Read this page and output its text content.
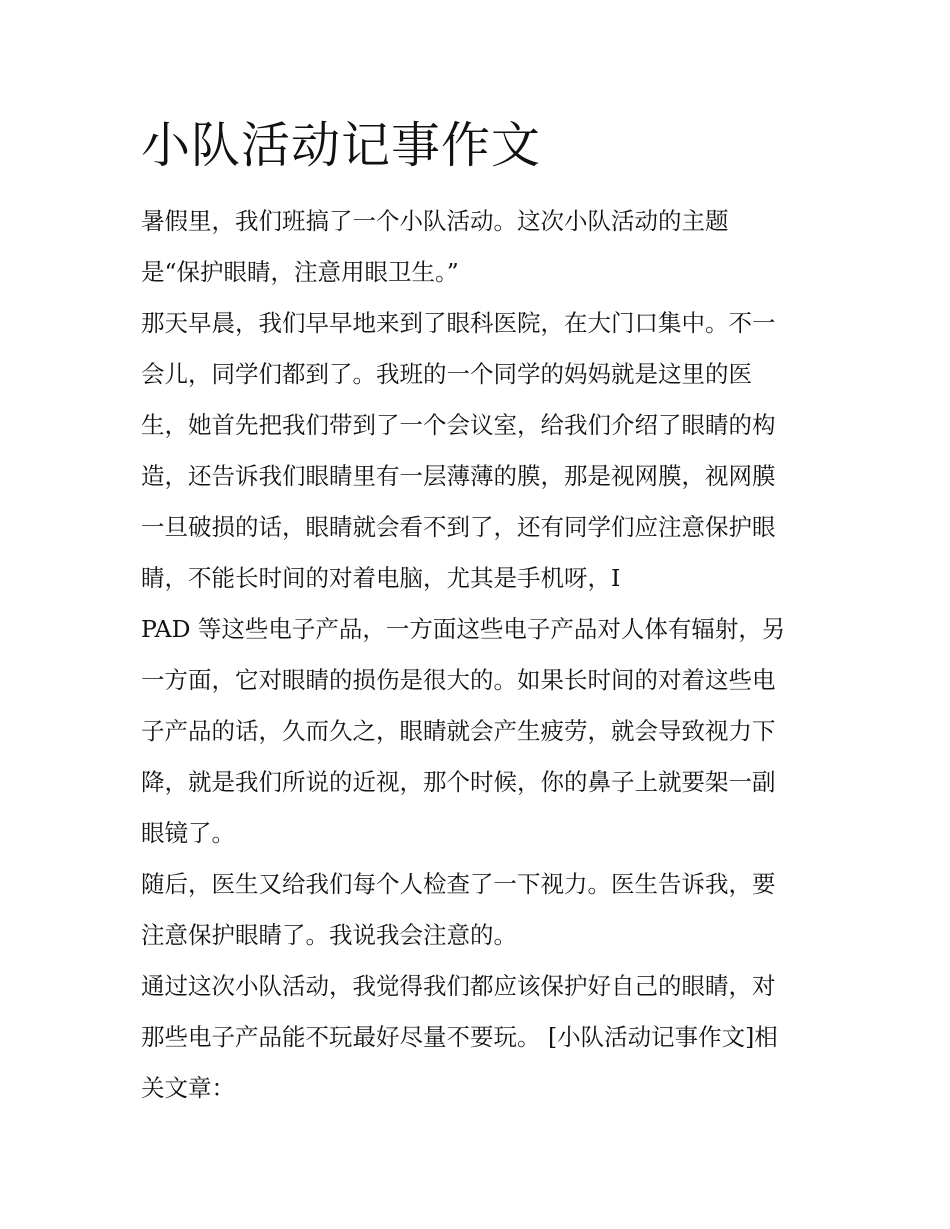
小队活动记事作文
暑假里，我们班搞了一个小队活动。这次小队活动的主题
是“保护眼睛，注意用眼卫生。”
那天早晨，我们早早地来到了眼科医院，在大门口集中。不一
会儿，同学们都到了。我班的一个同学的妈妈就是这里的医
生，她首先把我们带到了一个会议室，给我们介绍了眼睛的构
造，还告诉我们眼睛里有一层薄薄的膜，那是视网膜，视网膜
一旦破损的话，眼睛就会看不到了，还有同学们应注意保护眼
睛，不能长时间的对着电脑，尤其是手机呀，I
PAD 等这些电子产品，一方面这些电子产品对人体有辐射，另
一方面，它对眼睛的损伤是很大的。如果长时间的对着这些电
子产品的话，久而久之，眼睛就会产生疲劳，就会导致视力下
降，就是我们所说的近视，那个时候，你的鼻子上就要架一副
眼镜了。
随后，医生又给我们每个人检查了一下视力。医生告诉我，要
注意保护眼睛了。我说我会注意的。
通过这次小队活动，我觉得我们都应该保护好自己的眼睛，对
那些电子产品能不玩最好尽量不要玩。 [小队活动记事作文]相
关文章：
